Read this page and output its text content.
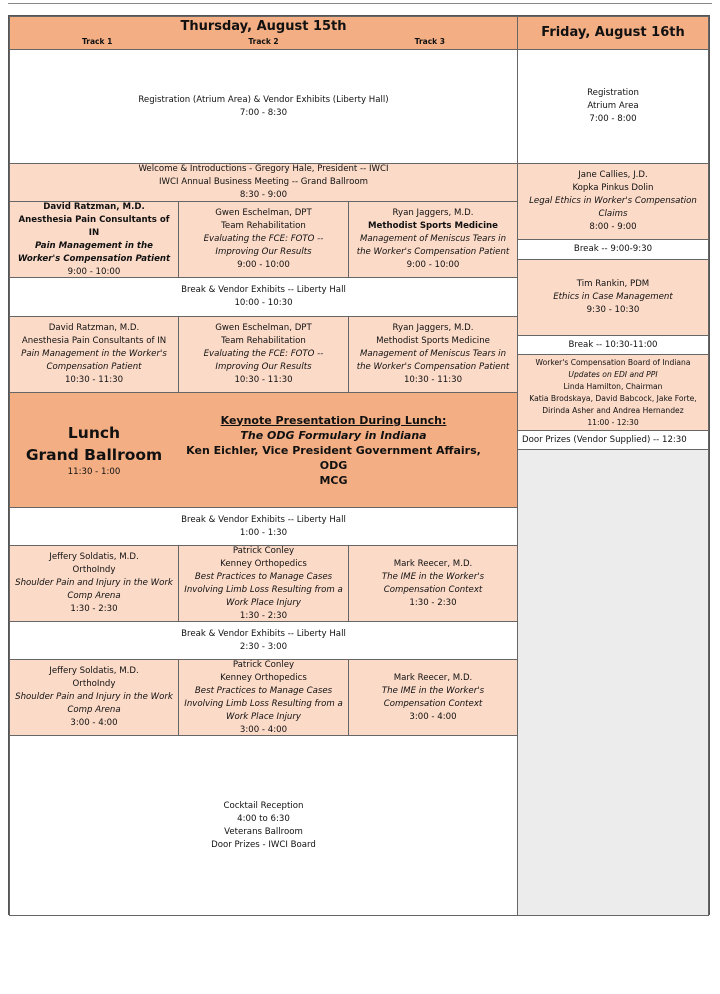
Thursday, August 15th
Track 1	Track 2	Track 3
Friday, August 16th
Registration (Atrium Area) & Vendor Exhibits (Liberty Hall)
7:00 - 8:30
Welcome & Introductions - Gregory Hale, President -- IWCI
IWCI Annual Business Meeting -- Grand Ballroom
8:30 - 9:00
David Ratzman, M.D.
Anesthesia Pain Consultants of IN
Pain Management in the Worker's Compensation Patient
9:00 - 10:00
Gwen Eschelman, DPT
Team Rehabilitation
Evaluating the FCE: FOTO -- Improving Our Results
9:00 - 10:00
Ryan Jaggers, M.D.
Methodist Sports Medicine
Management of Meniscus Tears in the Worker's Compensation Patient
9:00 - 10:00
Break & Vendor Exhibits -- Liberty Hall
10:00 - 10:30
David Ratzman, M.D.
Anesthesia Pain Consultants of IN
Pain Management in the Worker's Compensation Patient
10:30 - 11:30
Gwen Eschelman, DPT
Team Rehabilitation
Evaluating the FCE: FOTO -- Improving Our Results
10:30 - 11:30
Ryan Jaggers, M.D.
Methodist Sports Medicine
Management of Meniscus Tears in the Worker's Compensation Patient
10:30 - 11:30
Lunch
Grand Ballroom
11:30 - 1:00
Keynote Presentation During Lunch:
The ODG Formulary in Indiana
Ken Eichler, Vice President Government Affairs, ODG
MCG
Break & Vendor Exhibits -- Liberty Hall
1:00 - 1:30
Jeffery Soldatis, M.D.
OrthoIndy
Shoulder Pain and Injury in the Work Comp Arena
1:30 - 2:30
Patrick Conley
Kenney Orthopedics
Best Practices to Manage Cases Involving Limb Loss Resulting from a Work Place Injury
1:30 - 2:30
Mark Reecer, M.D.
The IME in the Worker's Compensation Context
1:30 - 2:30
Break & Vendor Exhibits -- Liberty Hall
2:30 - 3:00
Jeffery Soldatis, M.D.
OrthoIndy
Shoulder Pain and Injury in the Work Comp Arena
3:00 - 4:00
Patrick Conley
Kenney Orthopedics
Best Practices to Manage Cases Involving Limb Loss Resulting from a Work Place Injury
3:00 - 4:00
Mark Reecer, M.D.
The IME in the Worker's Compensation Context
3:00 - 4:00
Cocktail Reception
4:00 to 6:30
Veterans Ballroom
Door Prizes - IWCI Board
Registration
Atrium Area
7:00 - 8:00
Jane Callies, J.D.
Kopka Pinkus Dolin
Legal Ethics in Worker's Compensation Claims
8:00 - 9:00
Break -- 9:00-9:30
Tim Rankin, PDM
Ethics in Case Management
9:30 - 10:30
Break -- 10:30-11:00
Worker's Compensation Board of Indiana
Updates on EDI and PPI
Linda Hamilton, Chairman
Katia Brodskaya, David Babcock, Jake Forte, Dirinda Asher and Andrea Hernandez
11:00 - 12:30
Door Prizes (Vendor Supplied) -- 12:30
